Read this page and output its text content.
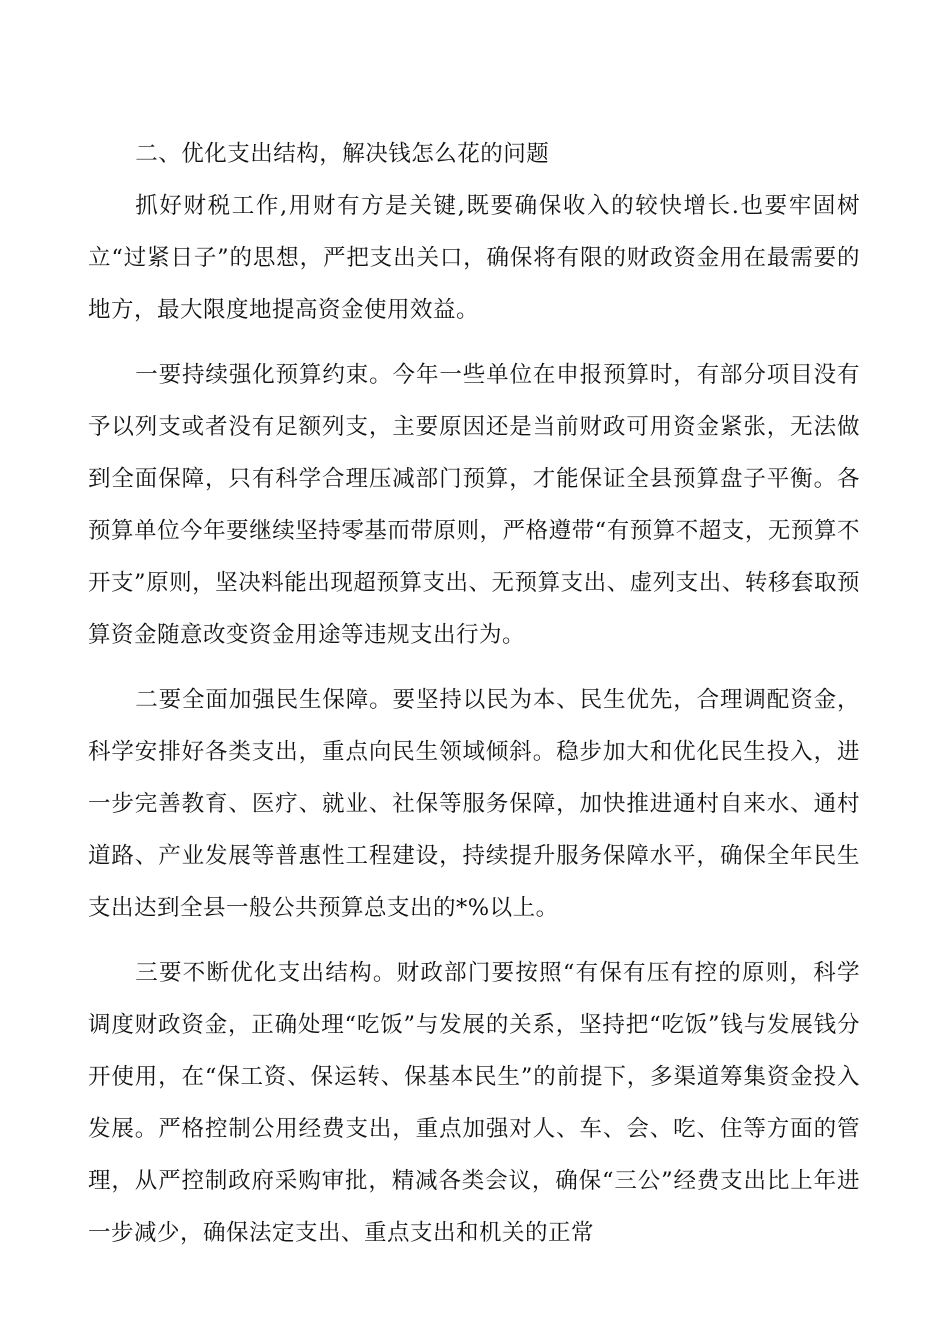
二、优化支出结构，解决钱怎么花的问题

抓好财税工作,用财有方是关键,既要确保收入的较快增长.也要牢固树立“过紧日子”的思想，严把支出关口，确保将有限的财政资金用在最需要的地方，最大限度地提高资金使用效益。

一要持续强化预算约束。今年一些单位在申报预算时，有部分项目没有予以列支或者没有足额列支，主要原因还是当前财政可用资金紧张，无法做到全面保障，只有科学合理压减部门预算，才能保证全县预算盘子平衡。各预算单位今年要继续坚持零基而带原则，严格遵带“有预算不超支，无预算不开支”原则，坚决料能出现超预算支出、无预算支出、虚列支出、转移套取预算资金随意改变资金用途等违规支出行为。

二要全面加强民生保障。要坚持以民为本、民生优先，合理调配资金，科学安排好各类支出，重点向民生领域倾斜。稳步加大和优化民生投入，进一步完善教育、医疗、就业、社保等服务保障，加快推进通村自来水、通村道路、产业发展等普惠性工程建设，持续提升服务保障水平，确保全年民生支出达到全县一般公共预算总支出的*%以上。

三要不断优化支出结构。财政部门要按照“有保有压有控的原则，科学调度财政资金，正确处理“吃饭”与发展的关系，坚持把“吃饭”钱与发展钱分开使用，在“保工资、保运转、保基本民生”的前提下，多渠道筹集资金投入发展。严格控制公用经费支出，重点加强对人、车、会、吃、住等方面的管理，从严控制政府采购审批，精减各类会议，确保“三公”经费支出比上年进一步减少，确保法定支出、重点支出和机关的正常
